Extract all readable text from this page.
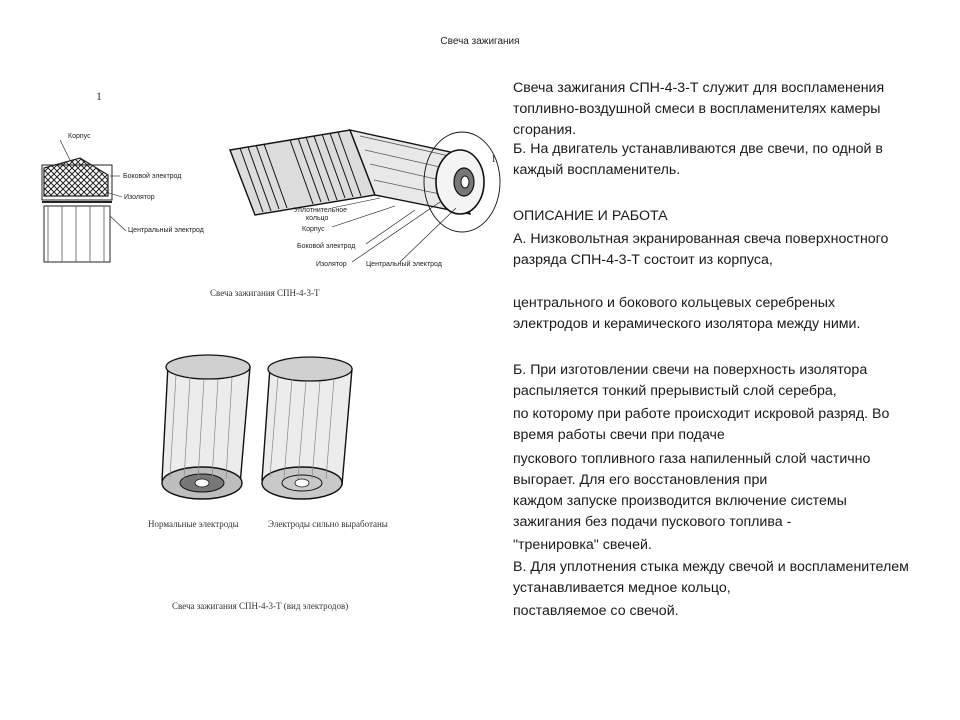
Свеча зажигания
1
Корпус
Боковой электрод
Изолятор
Центральный электрод
Уплотнительное
кольцо
Корпус
Боковой электрод
Изолятор	Центральный электрод
I
Свеча зажигания СПН-4-3-Т
Нормальные электроды	Электроды сильно выработаны
Свеча зажигания СПН-4-3-Т (вид электродов)

Свеча зажигания СПН-4-3-Т служит для воспламенения топливно-воздушной смеси в воспламенителях камеры сгорания.

Б. На двигатель устанавливаются две свечи, по одной в каждый воспламенитель.

ОПИСАНИЕ И РАБОТА

А. Низковольтная экранированная свеча поверхностного разряда СПН-4-3-Т состоит из корпуса,

центрального и бокового кольцевых серебреных электродов и керамического изолятора между ними.

Б. При изготовлении свечи на поверхность изолятора распыляется тонкий прерывистый слой серебра,

по которому при работе происходит искровой разряд. Во время работы свечи при подаче

пускового топливного газа напиленный слой частично выгорает. Для его восстановления при

каждом запуске производится включение системы зажигания без подачи пускового топлива -

"тренировка" свечей.

В. Для уплотнения стыка между свечой и воспламенителем устанавливается медное кольцо,

поставляемое со свечой.
